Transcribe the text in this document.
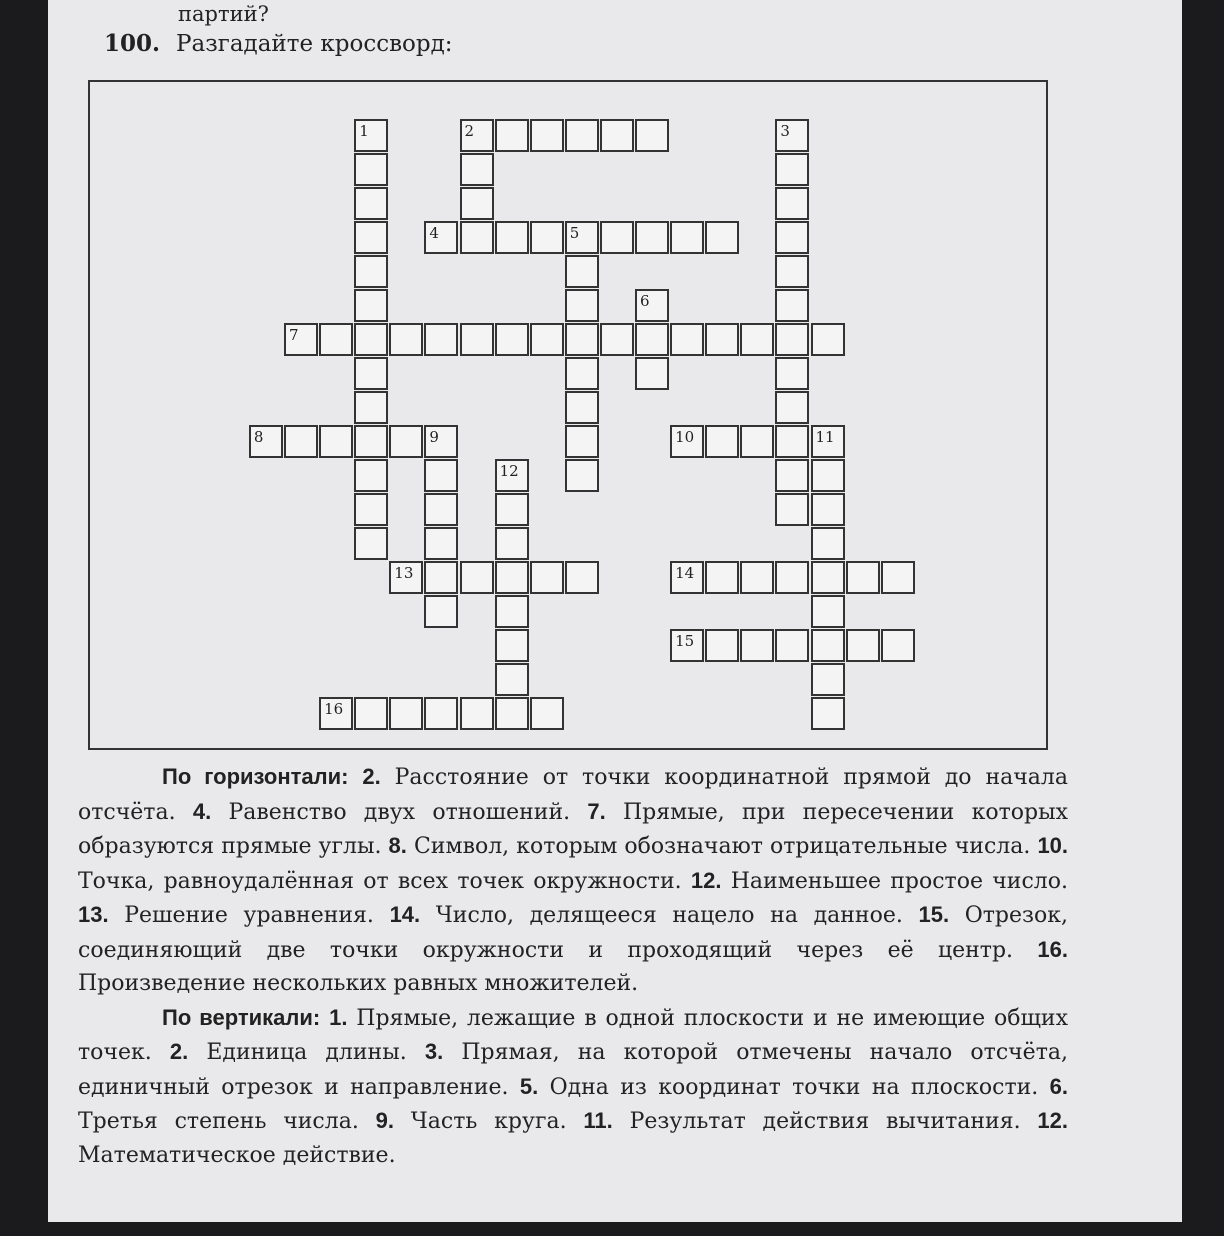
партий?
100. Разгадайте кроссворд:
1	2	3
4	5
6
7
8	9	10	11
12
13	14
15
16

По горизонтали: 2. Расстояние от точки координатной прямой до начала отсчёта. 4. Равенство двух отношений. 7. Прямые, при пересечении которых образуются прямые углы. 8. Символ, которым обозначают отрицательные числа. 10. Точка, равноудалённая от всех точек окружности. 12. Наименьшее простое число. 13. Решение уравнения. 14. Число, делящееся нацело на данное. 15. Отрезок, соединяющий две точки окружности и проходящий через её центр. 16. Произведение нескольких равных множителей.

По вертикали: 1. Прямые, лежащие в одной плоскости и не имеющие общих точек. 2. Единица длины. 3. Прямая, на которой отмечены начало отсчёта, единичный отрезок и направление. 5. Одна из координат точки на плоскости. 6. Третья степень числа. 9. Часть круга. 11. Результат действия вычитания. 12. Математическое действие.
